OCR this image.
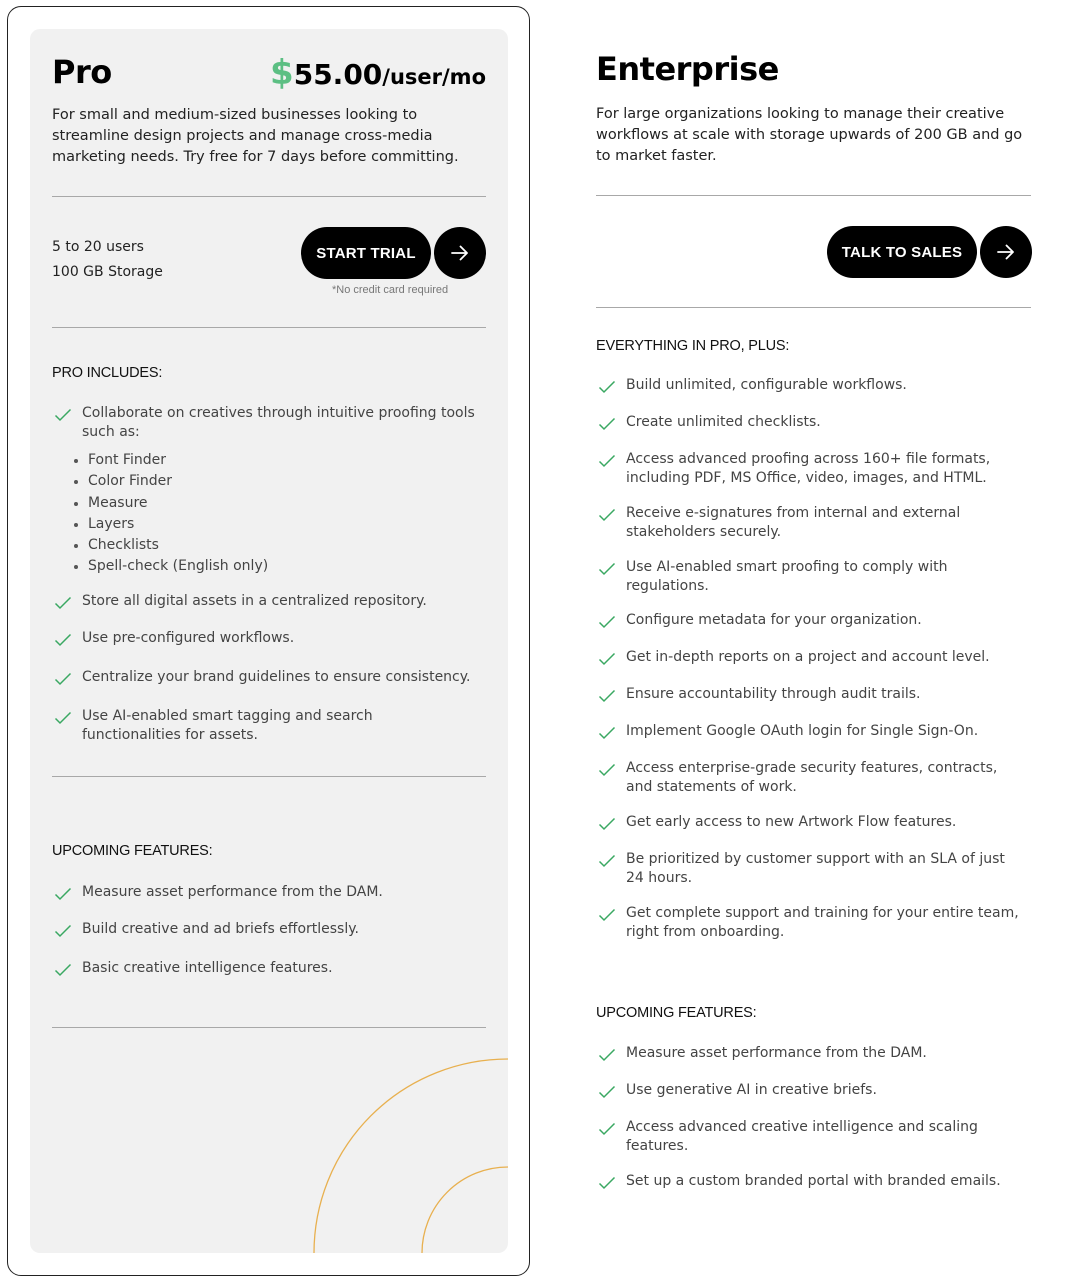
Pro	$55.00/user/mo
For small and medium-sized businesses looking to streamline design projects and manage cross-media marketing needs. Try free for 7 days before committing.
5 to 20 users
100 GB Storage
START TRIAL
*No credit card required
PRO INCLUDES:
Collaborate on creatives through intuitive proofing tools such as:
Font Finder
Color Finder
Measure
Layers
Checklists
Spell-check (English only)
Store all digital assets in a centralized repository.
Use pre-configured workflows.
Centralize your brand guidelines to ensure consistency.
Use AI-enabled smart tagging and search functionalities for assets.
UPCOMING FEATURES:
Measure asset performance from the DAM.
Build creative and ad briefs effortlessly.
Basic creative intelligence features.
Enterprise
For large organizations looking to manage their creative workflows at scale with storage upwards of 200 GB and go to market faster.
TALK TO SALES
EVERYTHING IN PRO, PLUS:
Build unlimited, configurable workflows.
Create unlimited checklists.
Access advanced proofing across 160+ file formats, including PDF, MS Office, video, images, and HTML.
Receive e-signatures from internal and external stakeholders securely.
Use AI-enabled smart proofing to comply with regulations.
Configure metadata for your organization.
Get in-depth reports on a project and account level.
Ensure accountability through audit trails.
Implement Google OAuth login for Single Sign-On.
Access enterprise-grade security features, contracts, and statements of work.
Get early access to new Artwork Flow features.
Be prioritized by customer support with an SLA of just 24 hours.
Get complete support and training for your entire team, right from onboarding.
UPCOMING FEATURES:
Measure asset performance from the DAM.
Use generative AI in creative briefs.
Access advanced creative intelligence and scaling features.
Set up a custom branded portal with branded emails.
